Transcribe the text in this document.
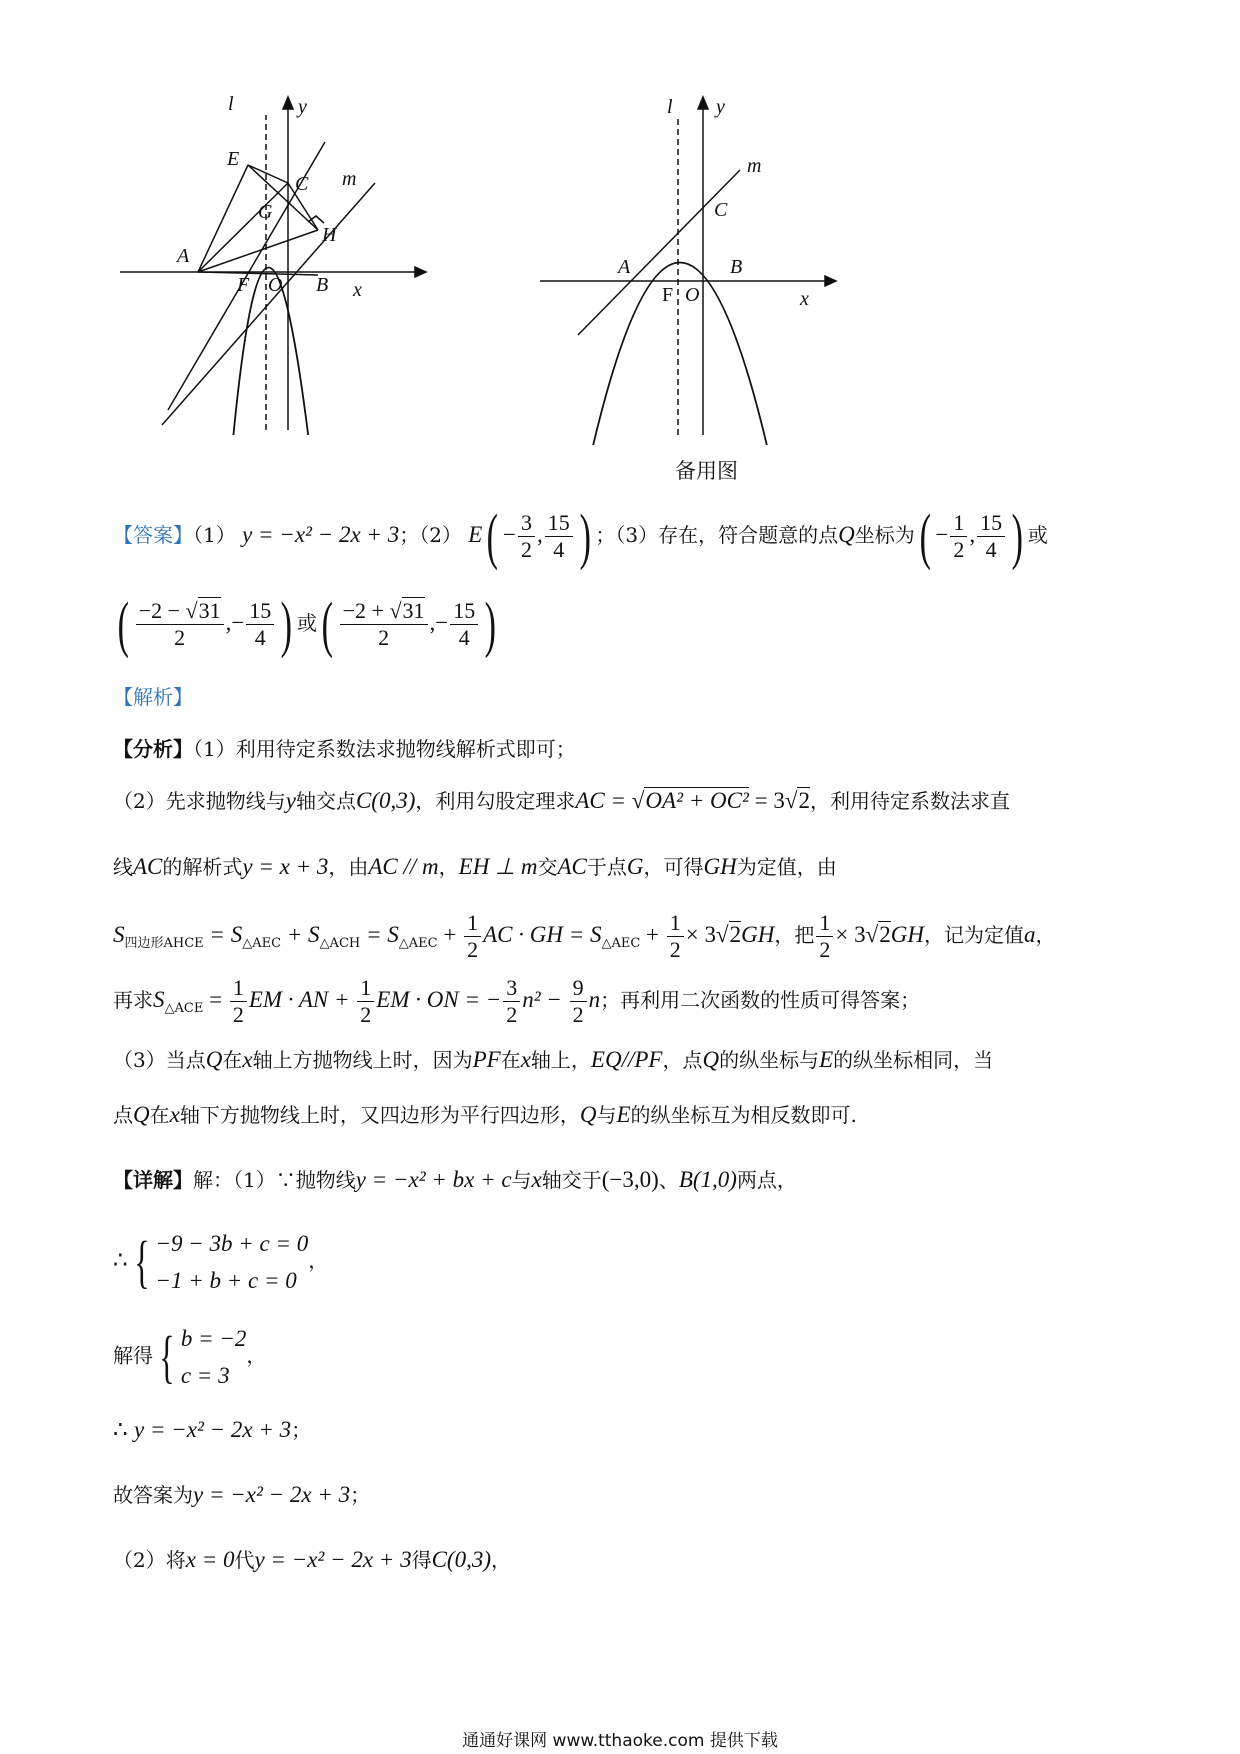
l	y
x
m
E
C
G
A
H
F O B
l y
x
m
C
A	B
F O
备用图
【答案】（1） y = −x² − 2x + 3；（2） $E( - \frac{3}{2}$ , $\frac{15}{4}$ ) ；（3）存在，符合题意的点Q坐标为( − $\frac{1}{2}$ , $\frac{15}{4}$ ) 或
( $\frac{-2 - √31}{2}$ ,− $\frac{15}{4}$ ) 或( $\frac{-2 + √31}{2}$ ,− $\frac{15}{4}$ )
【解析】
【分析】（1）利用待定系数法求抛物线解析式即可；
（2）先求抛物线与y轴交点C(0,3)，利用勾股定理求AC = √OA² + OC² = 3√2，利用待定系数法求直
线AC的解析式y = x + 3，由AC // m，EH ⊥ m交AC于点G，可得GH为定值，由
$S_{四边形AHCE} = S_{\triangle AEC} + S_{\triangle ACH} = S_{\triangle AEC} + \frac{1}{2}$ AC · GH = $S_{\triangle AEC} + \frac{1}{2} \times 3√2GH$，把 $\frac{1}{2} \times 3√2GH$，记为定值a，
再求$S_{\triangle ACE} = \frac{1}{2}$ EM · AN + $\frac{1}{2}$ EM · ON = − $\frac{3}{2} n^2 - \frac{9}{2}$ n；再利用二次函数的性质可得答案；
（3）当点Q在x轴上方抛物线上时，因为PF在x轴上，EQ//PF，点Q的纵坐标与E的纵坐标相同，当
点Q在x轴下方抛物线上时，又四边形为平行四边形，Q与E的纵坐标互为相反数即可.
【详解】解：（1）∵抛物线y = −x² + bx + c与x轴交于(−3,0)、B(1,0)两点，
∴ { −9 − 3b + c = 0
−1 + b + c = 0
，
解得 { b = −2
c = 3
，
∴ y = −x² − 2x + 3；
故答案为y = −x² − 2x + 3；
（2）将x = 0代y = −x² − 2x + 3得C(0,3)，
通通好课网 www.tthaoke.com 提供下载
